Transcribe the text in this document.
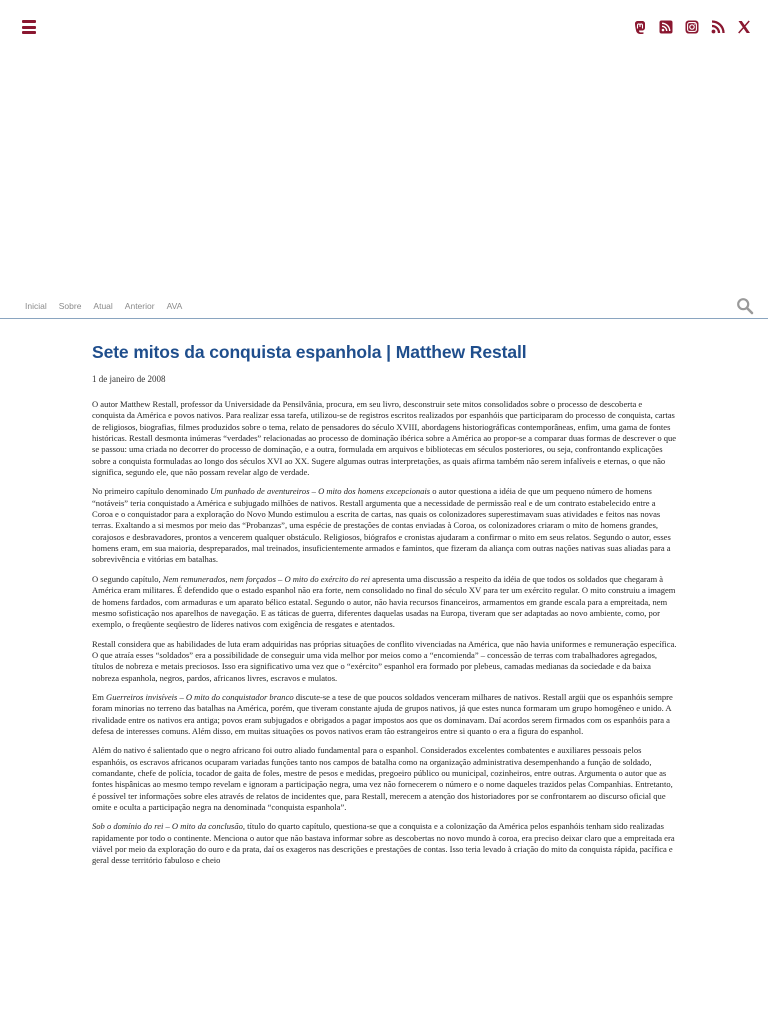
Inicial Sobre Atual Anterior AVA
Sete mitos da conquista espanhola | Matthew Restall
1 de janeiro de 2008

O autor Matthew Restall, professor da Universidade da Pensilvânia, procura, em seu livro, desconstruir sete mitos consolidados sobre o processo de descoberta e conquista da América e povos nativos. Para realizar essa tarefa, utilizou-se de registros escritos realizados por espanhóis que participaram do processo de conquista, cartas de religiosos, biografias, filmes produzidos sobre o tema, relato de pensadores do século XVIII, abordagens historiográficas contemporâneas, enfim, uma gama de fontes históricas. Restall desmonta inúmeras “verdades” relacionadas ao processo de dominação ibérica sobre a América ao propor-se a comparar duas formas de descrever o que se passou: uma criada no decorrer do processo de dominação, e a outra, formulada em arquivos e bibliotecas em séculos posteriores, ou seja, confrontando explicações sobre a conquista formuladas ao longo dos séculos XVI ao XX. Sugere algumas outras interpretações, as quais afirma também não serem infalíveis e eternas, o que não significa, segundo ele, que não possam revelar algo de verdade.

No primeiro capítulo denominado Um punhado de aventureiros – O mito dos homens excepcionais o autor questiona a idéia de que um pequeno número de homens “notáveis” teria conquistado a América e subjugado milhões de nativos. Restall argumenta que a necessidade de permissão real e de um contrato estabelecido entre a Coroa e o conquistador para a exploração do Novo Mundo estimulou a escrita de cartas, nas quais os colonizadores superestimavam suas atividades e feitos nas novas terras. Exaltando a si mesmos por meio das “Probanzas”, uma espécie de prestações de contas enviadas à Coroa, os colonizadores criaram o mito de homens grandes, corajosos e desbravadores, prontos a vencerem qualquer obstáculo. Religiosos, biógrafos e cronistas ajudaram a confirmar o mito em seus relatos. Segundo o autor, esses homens eram, em sua maioria, despreparados, mal treinados, insuficientemente armados e famintos, que fizeram da aliança com outras nações nativas suas aliadas para a sobrevivência e vitórias em batalhas.

O segundo capítulo, Nem remunerados, nem forçados – O mito do exército do rei apresenta uma discussão a respeito da idéia de que todos os soldados que chegaram à América eram militares. É defendido que o estado espanhol não era forte, nem consolidado no final do século XV para ter um exército regular. O mito construiu a imagem de homens fardados, com armaduras e um aparato bélico estatal. Segundo o autor, não havia recursos financeiros, armamentos em grande escala para a empreitada, nem mesmo sofisticação nos aparelhos de navegação. E as táticas de guerra, diferentes daquelas usadas na Europa, tiveram que ser adaptadas ao novo ambiente, como, por exemplo, o freqüente seqüestro de líderes nativos com exigência de resgates e atentados.

Restall considera que as habilidades de luta eram adquiridas nas próprias situações de conflito vivenciadas na América, que não havia uniformes e remuneração específica. O que atraía esses “soldados” era a possibilidade de conseguir uma vida melhor por meios como a “encomienda” – concessão de terras com trabalhadores agregados, títulos de nobreza e metais preciosos. Isso era significativo uma vez que o “exército” espanhol era formado por plebeus, camadas medianas da sociedade e da baixa nobreza espanhola, negros, pardos, africanos livres, escravos e mulatos.

Em Guerreiros invisíveis – O mito do conquistador branco discute-se a tese de que poucos soldados venceram milhares de nativos. Restall argüi que os espanhóis sempre foram minorias no terreno das batalhas na América, porém, que tiveram constante ajuda de grupos nativos, já que estes nunca formaram um grupo homogêneo e unido. A rivalidade entre os nativos era antiga; povos eram subjugados e obrigados a pagar impostos aos que os dominavam. Daí acordos serem firmados com os espanhóis para a defesa de interesses comuns. Além disso, em muitas situações os povos nativos eram tão estrangeiros entre si quanto o era a figura do espanhol.

Além do nativo é salientado que o negro africano foi outro aliado fundamental para o espanhol. Considerados excelentes combatentes e auxiliares pessoais pelos espanhóis, os escravos africanos ocuparam variadas funções tanto nos campos de batalha como na organização administrativa desempenhando a função de soldado, comandante, chefe de polícia, tocador de gaita de foles, mestre de pesos e medidas, pregoeiro público ou municipal, cozinheiros, entre outras. Argumenta o autor que as fontes hispânicas ao mesmo tempo revelam e ignoram a participação negra, uma vez não fornecerem o número e o nome daqueles trazidos pelas Companhias. Entretanto, é possível ter informações sobre eles através de relatos de incidentes que, para Restall, merecem a atenção dos historiadores por se confrontarem ao discurso oficial que omite e oculta a participação negra na denominada “conquista espanhola”.

Sob o domínio do rei – O mito da conclusão, título do quarto capítulo, questiona-se que a conquista e a colonização da América pelos espanhóis tenham sido realizadas rapidamente por todo o continente. Menciona o autor que não bastava informar sobre as descobertas no novo mundo à coroa, era preciso deixar claro que a empreitada era viável por meio da exploração do ouro e da prata, daí os exageros nas descrições e prestações de contas. Isso teria levado à criação do mito da conquista rápida, pacífica e geral desse território fabuloso e cheio
